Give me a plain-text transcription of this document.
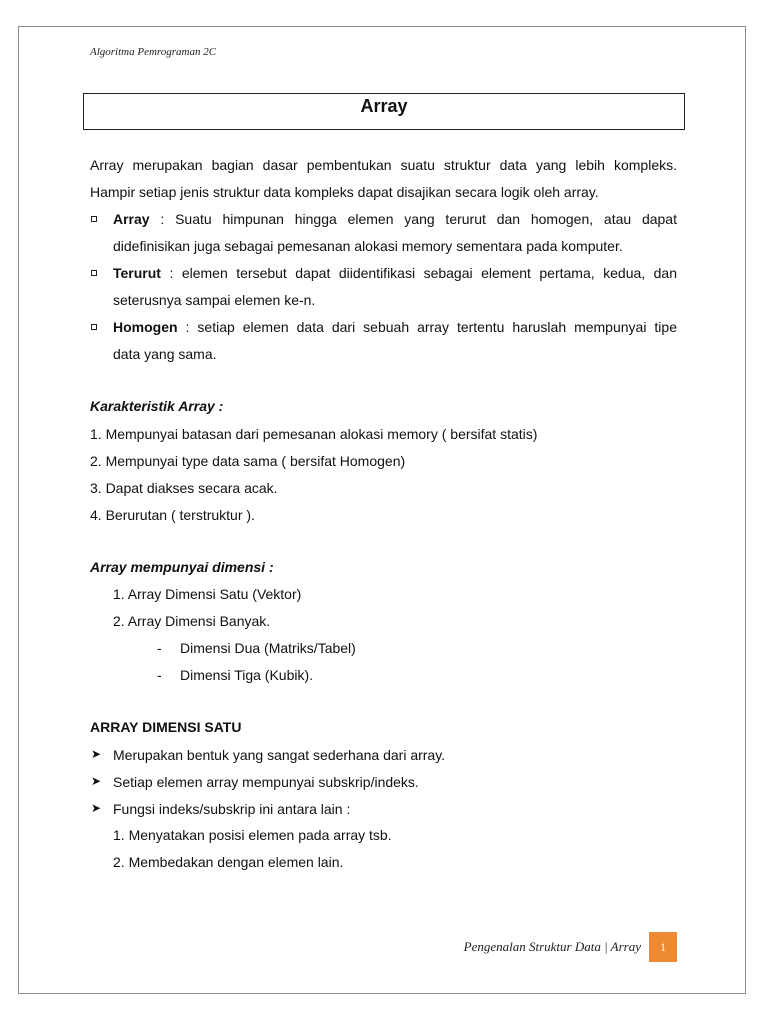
Algoritma Pemrograman 2C
Array
Array merupakan bagian dasar pembentukan suatu struktur data yang lebih kompleks.
Hampir setiap jenis struktur data kompleks dapat disajikan secara logik oleh array.
Array : Suatu himpunan hingga elemen yang terurut dan homogen, atau dapat
didefinisikan juga sebagai pemesanan alokasi memory sementara pada komputer.
Terurut : elemen tersebut dapat diidentifikasi sebagai element pertama, kedua, dan
seterusnya sampai elemen ke-n.
Homogen : setiap elemen data dari sebuah array tertentu haruslah mempunyai tipe
data yang sama.
Karakteristik Array :
1. Mempunyai batasan dari pemesanan alokasi memory ( bersifat statis)
2. Mempunyai type data sama ( bersifat Homogen)
3. Dapat diakses secara acak.
4. Berurutan ( terstruktur ).
Array mempunyai dimensi :
1. Array Dimensi Satu (Vektor)
2. Array Dimensi Banyak.
- Dimensi Dua (Matriks/Tabel)
- Dimensi Tiga (Kubik).
ARRAY DIMENSI SATU
➤ Merupakan bentuk yang sangat sederhana dari array.
➤ Setiap elemen array mempunyai subskrip/indeks.
➤ Fungsi indeks/subskrip ini antara lain :
1. Menyatakan posisi elemen pada array tsb.
2. Membedakan dengan elemen lain.
Pengenalan Struktur Data | Array	1
